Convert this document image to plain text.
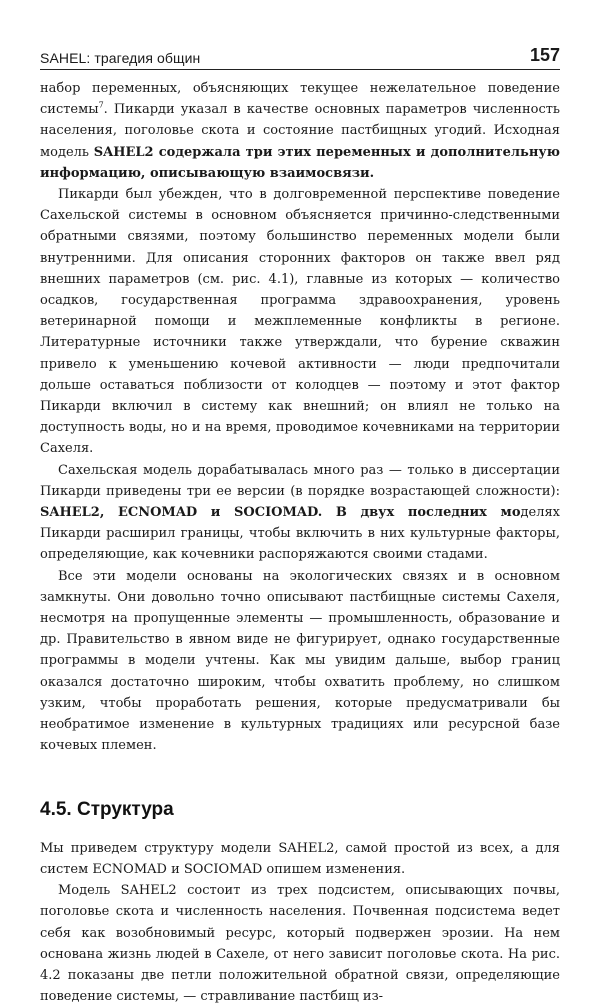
SAHEL: трагедия общин	157

набор переменных, объясняющих текущее нежелательное поведение системы$^7$. Пикарди указал в качестве основных параметров численность населения, поголовье скота и состояние пастбищных угодий. Исходная модель SAHEL2 содержала три этих переменных и дополнительную информацию, описывающую взаимосвязи.

Пикарди был убежден, что в долговременной перспективе поведение Сахельской системы в основном объясняется причинно-следственными обратными связями, поэтому большинство переменных модели были внутренними. Для описания сторонних факторов он также ввел ряд внешних параметров (см. рис. 4.1), главные из которых — количество осадков, государственная программа здравоохранения, уровень ветеринарной помощи и межплеменные конфликты в регионе. Литературные источники также утверждали, что бурение скважин привело к уменьшению кочевой активности — люди предпочитали дольше оставаться поблизости от колодцев — поэтому и этот фактор Пикарди включил в систему как внешний; он влиял не только на доступность воды, но и на время, проводимое кочевниками на территории Сахеля.

Сахельская модель дорабатывалась много раз — только в диссертации Пикарди приведены три ее версии (в порядке возрастающей сложности): SAHEL2, ECNOMAD и SOCIOMAD. В двух последних моделях Пикарди расширил границы, чтобы включить в них культурные факторы, определяющие, как кочевники распоряжаются своими стадами.

Все эти модели основаны на экологических связях и в основном замкнуты. Они довольно точно описывают пастбищные системы Сахеля, несмотря на пропущенные элементы — промышленность, образование и др. Правительство в явном виде не фигурирует, однако государственные программы в модели учтены. Как мы увидим дальше, выбор границ оказался достаточно широким, чтобы охватить проблему, но слишком узким, чтобы проработать решения, которые предусматривали бы необратимое изменение в культурных традициях или ресурсной базе кочевых племен.

4.5. Структура

Мы приведем структуру модели SAHEL2, самой простой из всех, а для систем ECNOMAD и SOCIOMAD опишем изменения.

Модель SAHEL2 состоит из трех подсистем, описывающих почвы, поголовье скота и численность населения. Почвенная подсистема ведет себя как возобновимый ресурс, который подвержен эрозии. На нем основана жизнь людей в Сахеле, от него зависит поголовье скота. На рис. 4.2 показаны две петли положительной обратной связи, определяющие поведение системы, — стравливание пастбищ из-
